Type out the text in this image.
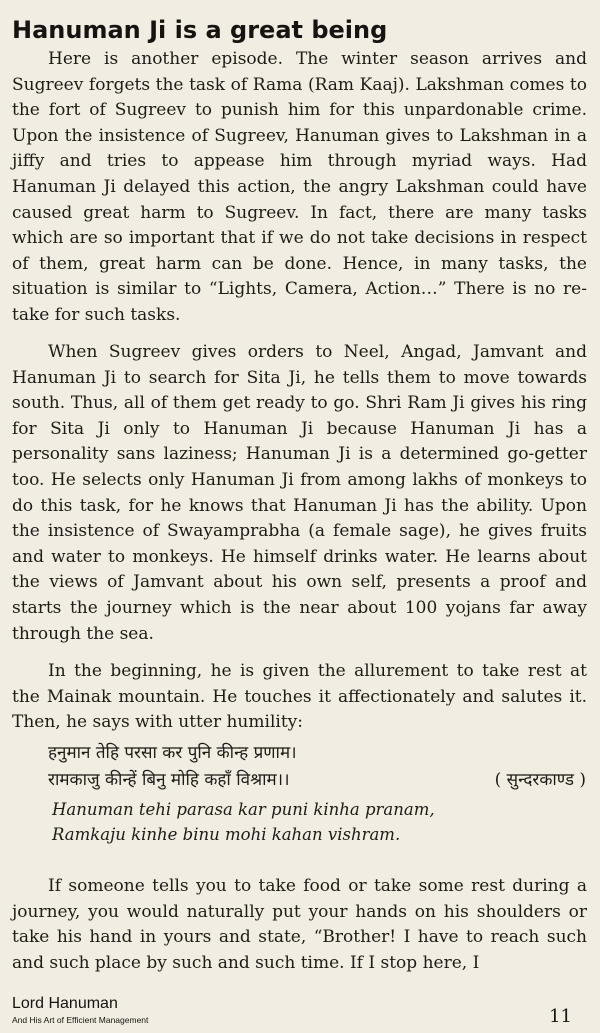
Hanuman Ji is a great being

Here is another episode. The winter season arrives and Sugreev forgets the task of Rama (Ram Kaaj). Lakshman comes to the fort of Sugreev to punish him for this unpardonable crime. Upon the insistence of Sugreev, Hanuman gives to Lakshman in a jiffy and tries to appease him through myriad ways. Had Hanuman Ji delayed this action, the angry Lakshman could have caused great harm to Sugreev. In fact, there are many tasks which are so important that if we do not take decisions in respect of them, great harm can be done. Hence, in many tasks, the situation is similar to “Lights, Camera, Action…” There is no re-take for such tasks.

When Sugreev gives orders to Neel, Angad, Jamvant and Hanuman Ji to search for Sita Ji, he tells them to move towards south. Thus, all of them get ready to go. Shri Ram Ji gives his ring for Sita Ji only to Hanuman Ji because Hanuman Ji has a personality sans laziness; Hanuman Ji is a determined go-getter too. He selects only Hanuman Ji from among lakhs of monkeys to do this task, for he knows that Hanuman Ji has the ability. Upon the insistence of Swayamprabha (a female sage), he gives fruits and water to monkeys. He himself drinks water. He learns about the views of Jamvant about his own self, presents a proof and starts the journey which is the near about 100 yojans far away through the sea.

In the beginning, he is given the allurement to take rest at the Mainak mountain. He touches it affectionately and salutes it. Then, he says with utter humility:

हनुमान तेहि परसा कर पुनि कीन्ह प्रणाम।
रामकाजु कीन्हें बिनु मोहि कहाँ विश्राम।।	( सुन्दरकाण्ड )
Hanuman tehi parasa kar puni kinha pranam,
Ramkaju kinhe binu mohi kahan vishram.

If someone tells you to take food or take some rest during a journey, you would naturally put your hands on his shoulders or take his hand in yours and state, “Brother! I have to reach such and such place by such and such time. If I stop here, I

Lord Hanuman
And His Art of Efficient Management	11
